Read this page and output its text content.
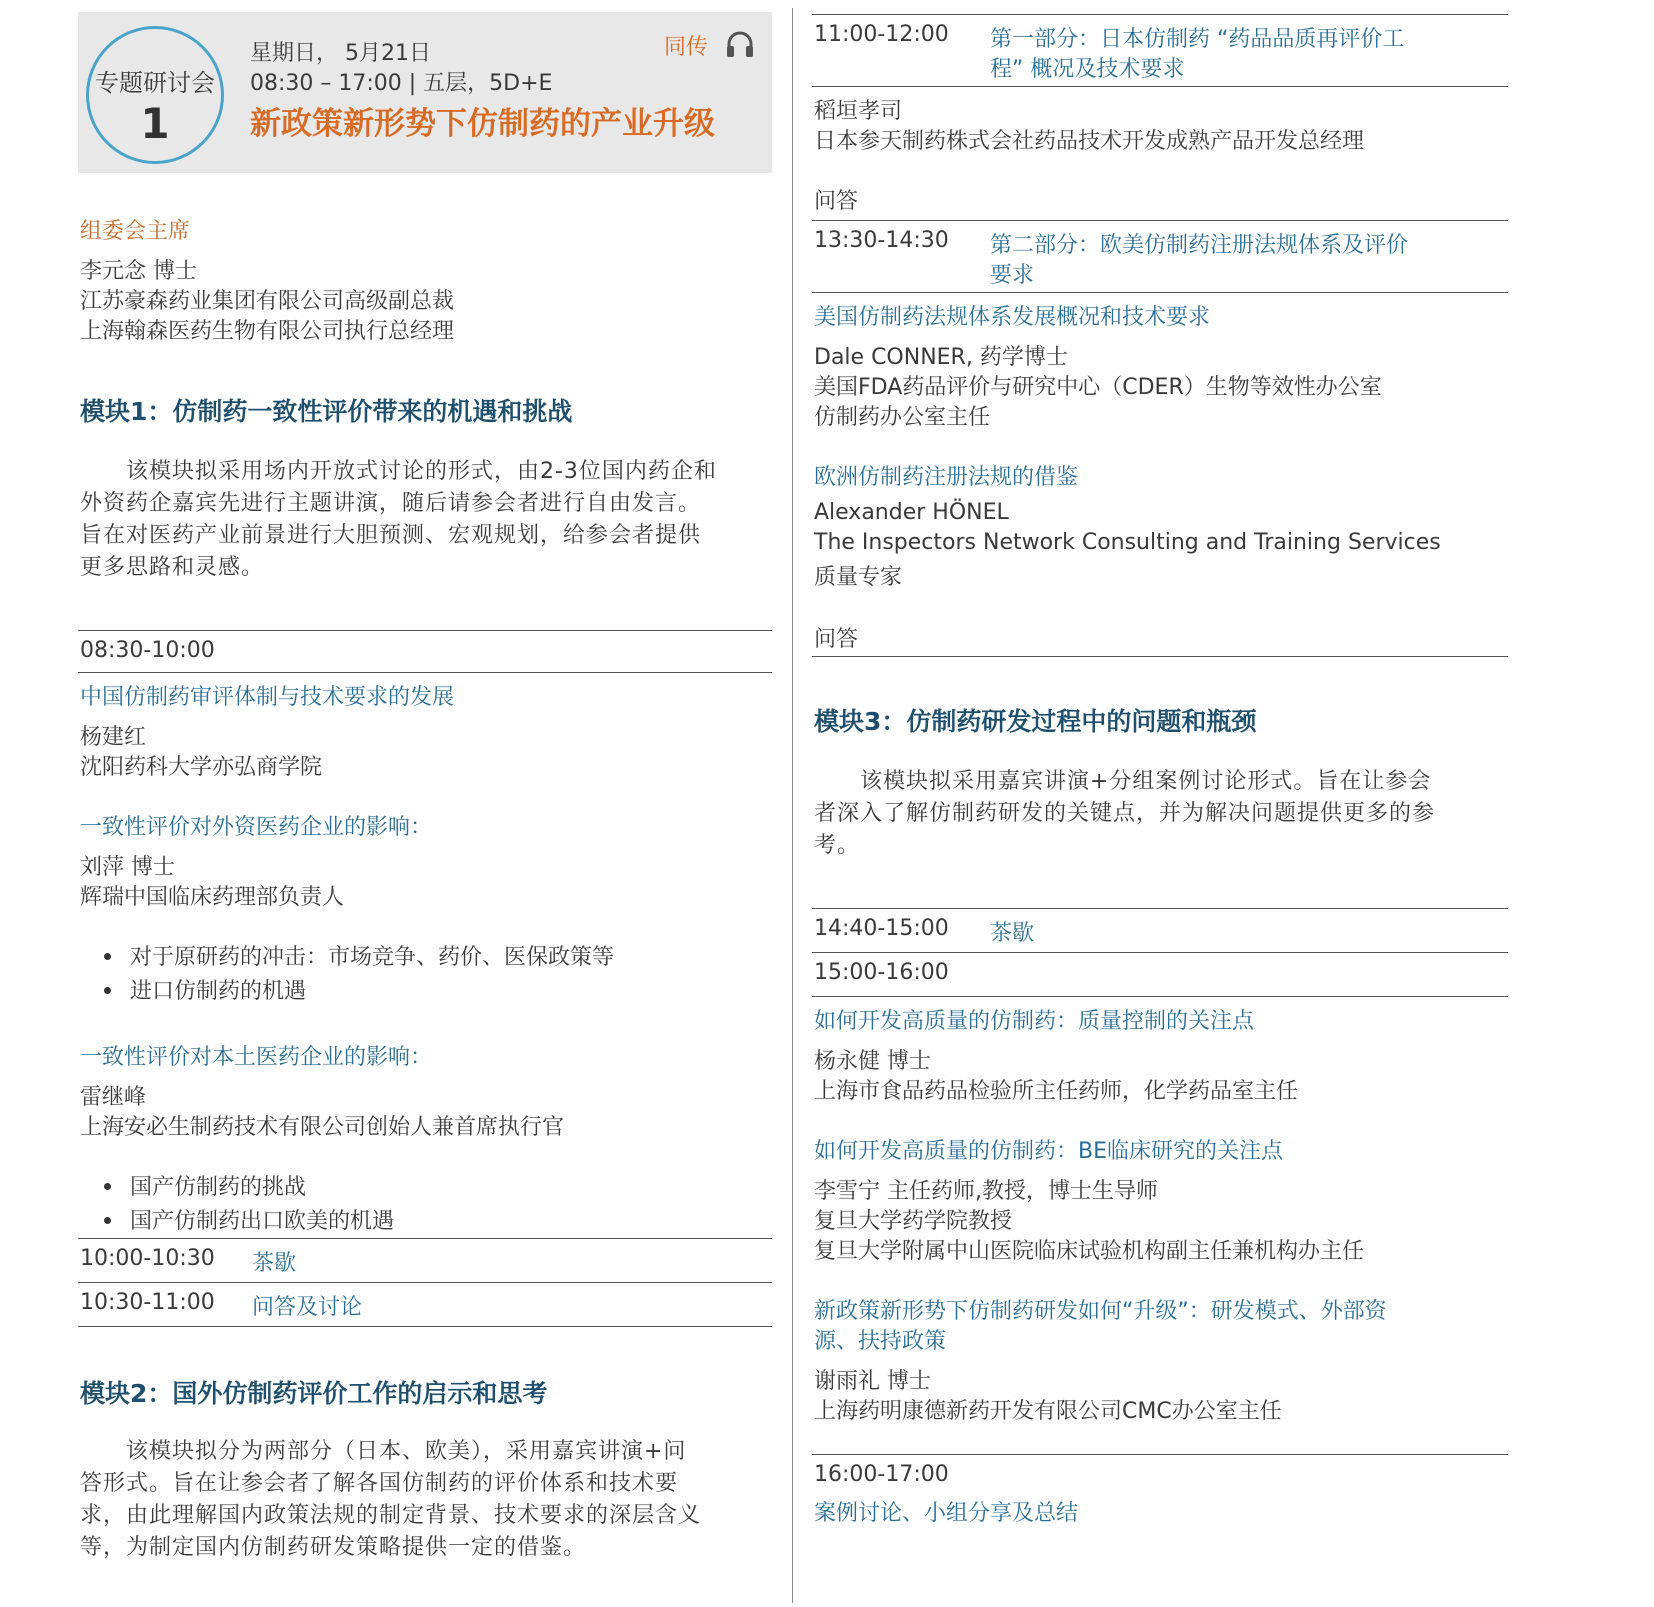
专题研讨会
1
星期日， 5月21日
08:30 – 17:00 | 五层，5D+E
新政策新形势下仿制药的产业升级
同传
组委会主席
李元念 博士
江苏豪森药业集团有限公司高级副总裁
上海翰森医药生物有限公司执行总经理
模块1：仿制药一致性评价带来的机遇和挑战
　　该模块拟采用场内开放式讨论的形式，由2-3位国内药企和
外资药企嘉宾先进行主题讲演，随后请参会者进行自由发言。
旨在对医药产业前景进行大胆预测、宏观规划，给参会者提供
更多思路和灵感。
08:30-10:00
中国仿制药审评体制与技术要求的发展
杨建红
沈阳药科大学亦弘商学院
一致性评价对外资医药企业的影响：
刘萍 博士
辉瑞中国临床药理部负责人
对于原研药的冲击：市场竞争、药价、医保政策等
进口仿制药的机遇
一致性评价对本土医药企业的影响：
雷继峰
上海安必生制药技术有限公司创始人兼首席执行官
国产仿制药的挑战
国产仿制药出口欧美的机遇
10:00-10:30 茶歇
10:30-11:00 问答及讨论
模块2：国外仿制药评价工作的启示和思考
　　该模块拟分为两部分（日本、欧美），采用嘉宾讲演+问
答形式。旨在让参会者了解各国仿制药的评价体系和技术要
求，由此理解国内政策法规的制定背景、技术要求的深层含义
等，为制定国内仿制药研发策略提供一定的借鉴。
11:00-12:00 第一部分：日本仿制药 “药品品质再评价工
程” 概况及技术要求
稻垣孝司
日本参天制药株式会社药品技术开发成熟产品开发总经理
问答
13:30-14:30 第二部分：欧美仿制药注册法规体系及评价
要求
美国仿制药法规体系发展概况和技术要求
Dale CONNER, 药学博士
美国FDA药品评价与研究中心（CDER）生物等效性办公室
仿制药办公室主任
欧洲仿制药注册法规的借鉴
Alexander HÖNEL
The Inspectors Network Consulting and Training Services
质量专家
问答
模块3：仿制药研发过程中的问题和瓶颈
　　该模块拟采用嘉宾讲演+分组案例讨论形式。旨在让参会
者深入了解仿制药研发的关键点，并为解决问题提供更多的参
考。
14:40-15:00 茶歇
15:00-16:00
如何开发高质量的仿制药：质量控制的关注点
杨永健 博士
上海市食品药品检验所主任药师，化学药品室主任
如何开发高质量的仿制药：BE临床研究的关注点
李雪宁 主任药师,教授，博士生导师
复旦大学药学院教授
复旦大学附属中山医院临床试验机构副主任兼机构办主任
新政策新形势下仿制药研发如何“升级”：研发模式、外部资
源、扶持政策
谢雨礼 博士
上海药明康德新药开发有限公司CMC办公室主任
16:00-17:00
案例讨论、小组分享及总结
